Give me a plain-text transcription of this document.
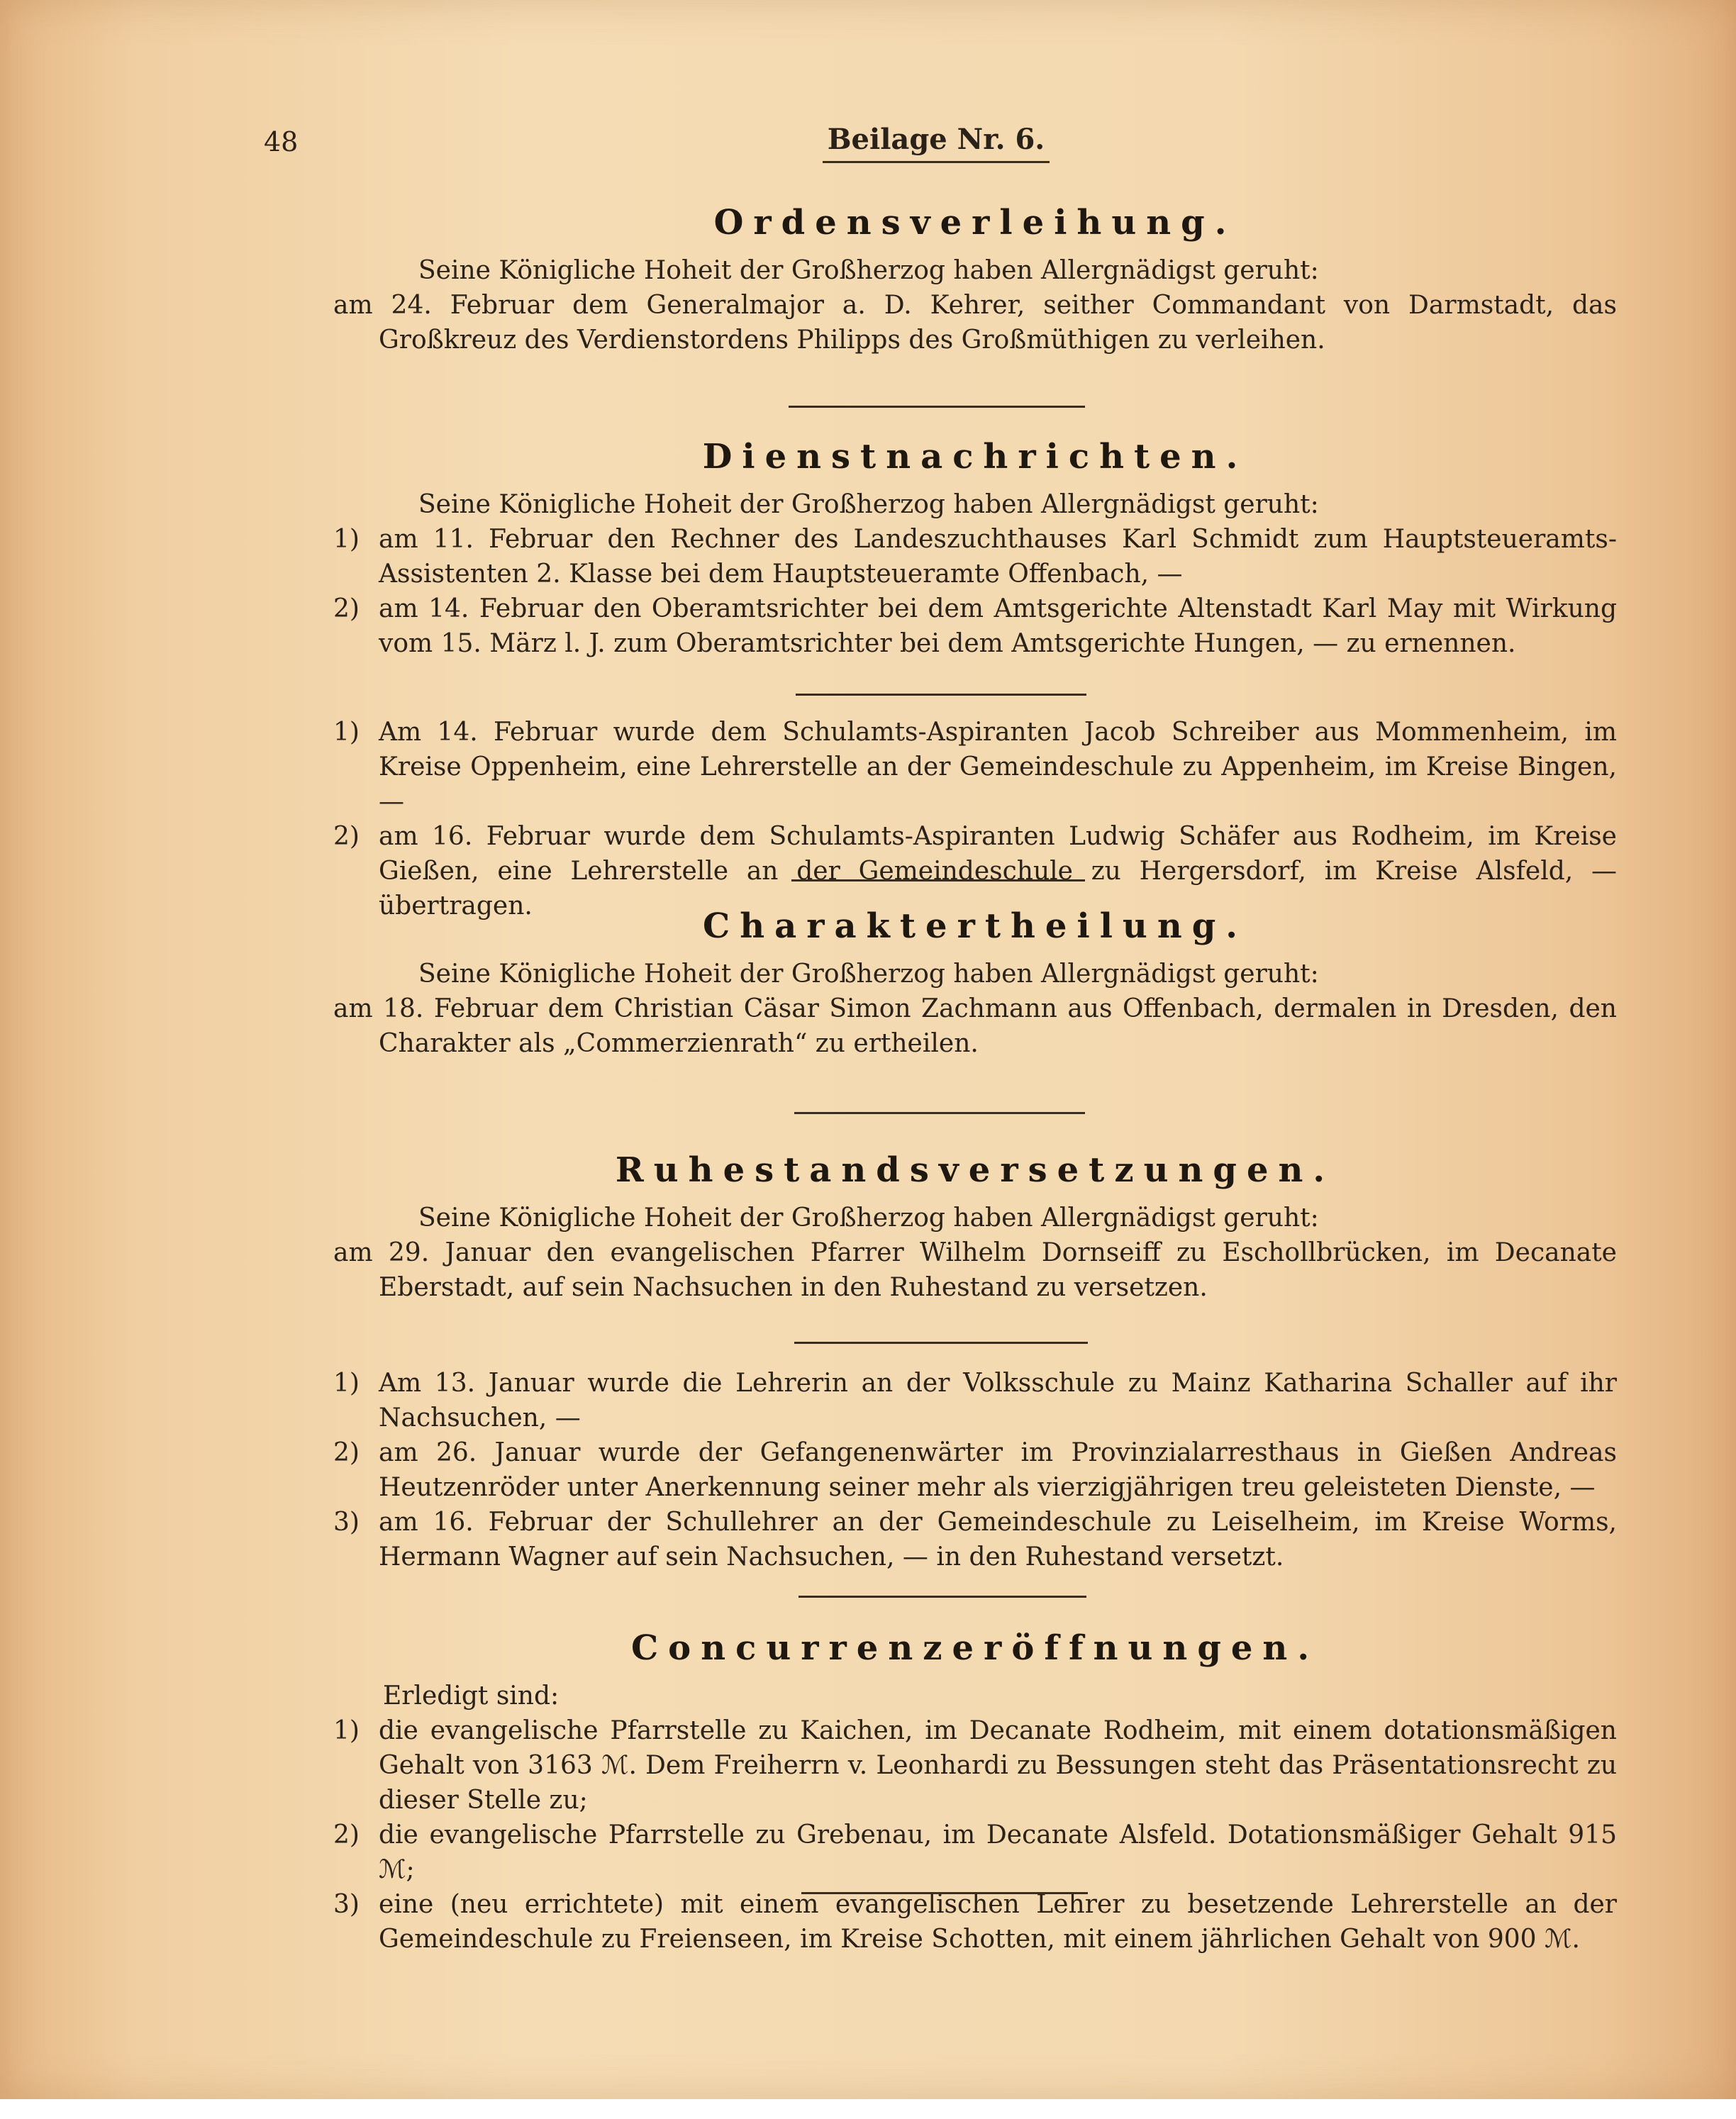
48	Beilage Nr. 6.
Ordensverleihung.
Seine Königliche Hoheit der Großherzog haben Allergnädigst geruht:
am 24. Februar dem Generalmajor a. D. Kehrer, seither Commandant von Darmstadt, das Großkreuz des Verdienstordens Philipps des Großmüthigen zu verleihen.
Dienstnachrichten.
Seine Königliche Hoheit der Großherzog haben Allergnädigst geruht:
1) am 11. Februar den Rechner des Landeszuchthauses Karl Schmidt zum Hauptsteueramts-Assistenten 2. Klasse bei dem Hauptsteueramte Offenbach, —
2) am 14. Februar den Oberamtsrichter bei dem Amtsgerichte Altenstadt Karl May mit Wirkung vom 15. März l. J. zum Oberamtsrichter bei dem Amtsgerichte Hungen, — zu ernennen.
1) Am 14. Februar wurde dem Schulamts-Aspiranten Jacob Schreiber aus Mommenheim, im Kreise Oppenheim, eine Lehrerstelle an der Gemeindeschule zu Appenheim, im Kreise Bingen, —
2) am 16. Februar wurde dem Schulamts-Aspiranten Ludwig Schäfer aus Rodheim, im Kreise Gießen, eine Lehrerstelle an der Gemeindeschule zu Hergersdorf, im Kreise Alsfeld, — übertragen.
Charaktertheilung.
Seine Königliche Hoheit der Großherzog haben Allergnädigst geruht:
am 18. Februar dem Christian Cäsar Simon Zachmann aus Offenbach, dermalen in Dresden, den Charakter als „Commerzienrath“ zu ertheilen.
Ruhestandsversetzungen.
Seine Königliche Hoheit der Großherzog haben Allergnädigst geruht:
am 29. Januar den evangelischen Pfarrer Wilhelm Dornseiff zu Eschollbrücken, im Decanate Eberstadt, auf sein Nachsuchen in den Ruhestand zu versetzen.
1) Am 13. Januar wurde die Lehrerin an der Volksschule zu Mainz Katharina Schaller auf ihr Nachsuchen, —
2) am 26. Januar wurde der Gefangenenwärter im Provinzialarresthaus in Gießen Andreas Heutzenröder unter Anerkennung seiner mehr als vierzigjährigen treu geleisteten Dienste, —
3) am 16. Februar der Schullehrer an der Gemeindeschule zu Leiselheim, im Kreise Worms, Hermann Wagner auf sein Nachsuchen, — in den Ruhestand versetzt.
Concurrenzeröffnungen.
Erledigt sind:
1) die evangelische Pfarrstelle zu Kaichen, im Decanate Rodheim, mit einem dotationsmäßigen Gehalt von 3163 ℳ. Dem Freiherrn v. Leonhardi zu Bessungen steht das Präsentationsrecht zu dieser Stelle zu;
2) die evangelische Pfarrstelle zu Grebenau, im Decanate Alsfeld. Dotationsmäßiger Gehalt 915 ℳ;
3) eine (neu errichtete) mit einem evangelischen Lehrer zu besetzende Lehrerstelle an der Gemeindeschule zu Freienseen, im Kreise Schotten, mit einem jährlichen Gehalt von 900 ℳ.
